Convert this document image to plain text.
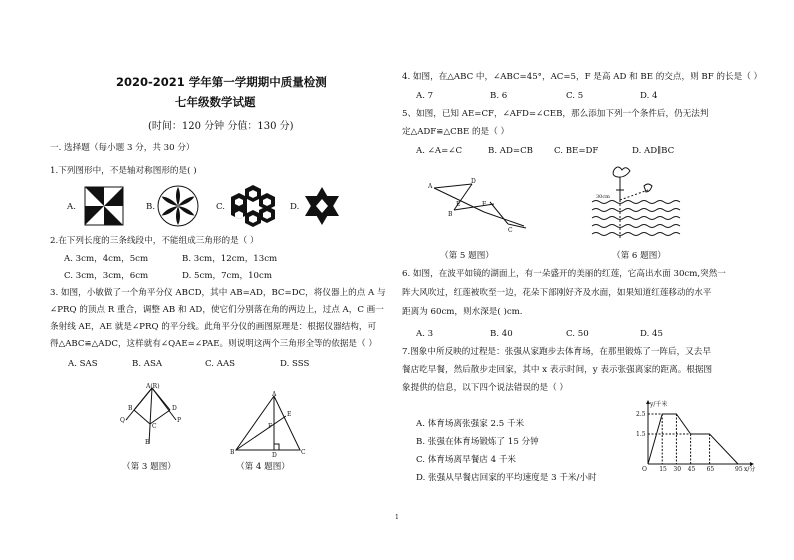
2020-2021 学年第一学期期中质量检测
七年级数学试题
(时间：120 分钟 分值：130 分)
一. 选择题（每小题 3 分，共 30 分）
1.下列图形中，不是轴对称图形的是( )
A.	B.	C.	D.
2.在下列长度的三条线段中，不能组成三角形的是（ ）
A. 3cm，4cm，5cm	B. 3cm，12cm，13cm
C. 3cm，3cm，6cm	D. 5cm，7cm，10cm
3. 如图，小敏做了一个角平分仪 ABCD，其中 AB=AD，BC=DC，将仪器上的点 A 与
∠PRQ 的顶点 R 重合，调整 AB 和 AD，使它们分别落在角的两边上，过点 A，C 画一
条射线 AE，AE 就是∠PRQ 的平分线。此角平分仪的画图原理是：根据仪器结构，可
得△ABC≌△ADC，这样就有∠QAE=∠PAE。则说明这两个三角形全等的依据是（ ）
A. SAS	B. ASA	C. AAS	D. SSS
A(R)
Q
B	D
C
P
E
A
E
F
B	D	C
（第 3 题图）	（第 4 题图）
4. 如图，在△ABC 中，∠ABC=45°，AC=5，F 是高 AD 和 BE 的交点，则 BF 的长是（ ）
A. 7	B. 6	C. 5	D. 4
5、如图，已知 AE=CF，∠AFD=∠CEB，那么添加下列一个条件后，仍无法判
定△ADF≌△CBE 的是（ ）
A. ∠A=∠C	B. AD=CB C. BE=DF	D. AD∥BC
A
D
E	F
B
C
30cm
（第 5 题图）	（第 6 题图）
6. 如图，在波平如镜的湖面上，有一朵盛开的美丽的红莲，它高出水面 30cm,突然一
阵大风吹过，红莲被吹至一边，花朵下部刚好齐及水面，如果知道红莲移动的水平
距离为 60cm，则水深是( )cm.
A. 3	B. 40	C. 50	D. 45
7.图象中所反映的过程是：张强从家跑步去体育场，在那里锻炼了一阵后，又去早
餐店吃早餐，然后散步走回家，其中 x 表示时间，y 表示张强离家的距离。根据图
象提供的信息，以下四个说法错误的是（ ）
A. 体育场离张强家 2.5 千米
B. 张强在体育场锻炼了 15 分钟
C. 体育场离早餐店 4 千米
D. 张强从早餐店回家的平均速度是 3 千米/小时
y/千米
x/分
O 15 30 45 65	95
2.5
1.5
1
